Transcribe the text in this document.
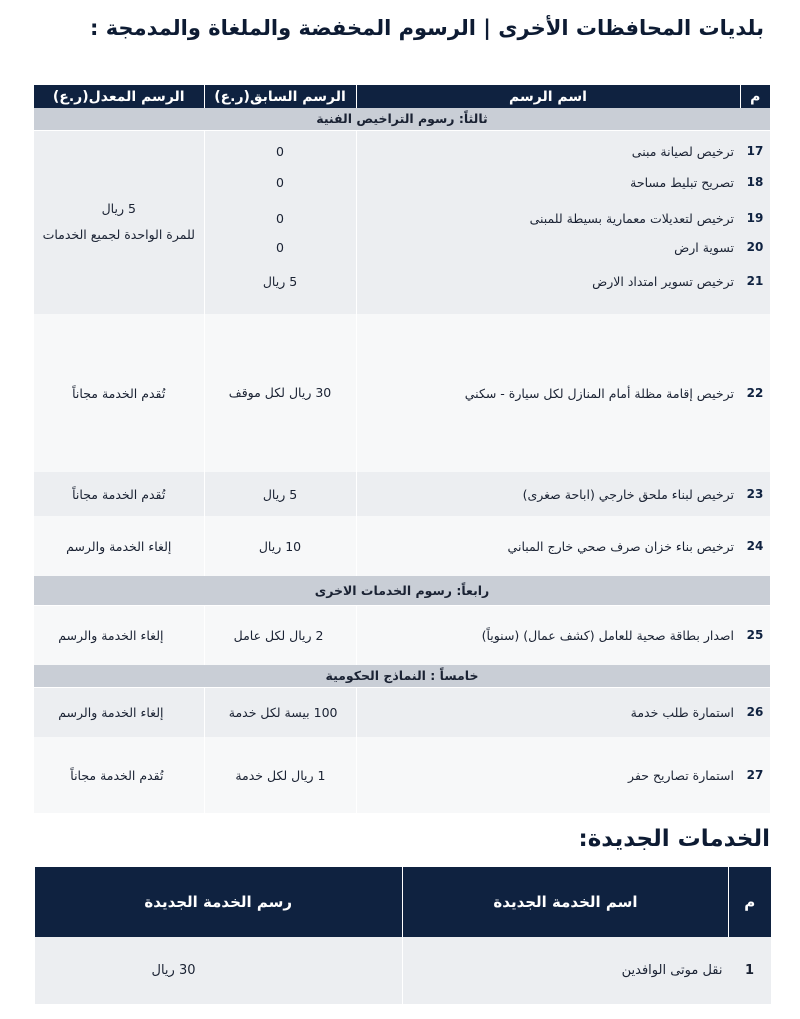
بلديات المحافظات الأخرى | الرسوم المخفضة والملغاة والمدمجة :
م	اسم الرسم	الرسم السابق(ر.ع)	الرسم المعدل(ر.ع)
ثالثاً: رسوم التراخيص الفنية			
17	ترخيص لصيانة مبنى	0	5 ريال
للمرة الواحدة لجميع الخدمات

18	تصريح تبليط مساحة	0	
19	ترخيص لتعديلات معمارية بسيطة للمبنى	0	
20	تسوية ارض	0	
21	ترخيص تسوير امتداد الارض	5 ريال	
22	ترخيص إقامة مظلة أمام المنازل لكل سيارة - سكني	30 ريال لكل موقف	تُقدم الخدمة مجاناً
23	ترخيص لبناء ملحق خارجي (اباحة صغرى)	5 ريال	تُقدم الخدمة مجاناً
24	ترخيص بناء خزان صرف صحي خارج المباني	10 ريال	إلغاء الخدمة والرسم
رابعاً: رسوم الخدمات الاخرى			
25	اصدار بطاقة صحية للعامل (كشف عمال) (سنوياً)	2 ريال لكل عامل	إلغاء الخدمة والرسم
خامساً : النماذج الحكومية			
26	استمارة طلب خدمة	100 بيسة لكل خدمة	إلغاء الخدمة والرسم
27	استمارة تصاريح حفر	1 ريال لكل خدمة	تُقدم الخدمة مجاناً
الخدمات الجديدة:
م	اسم الخدمة الجديدة	رسم الخدمة الجديدة
1	نقل موتى الوافدين	30 ريال
